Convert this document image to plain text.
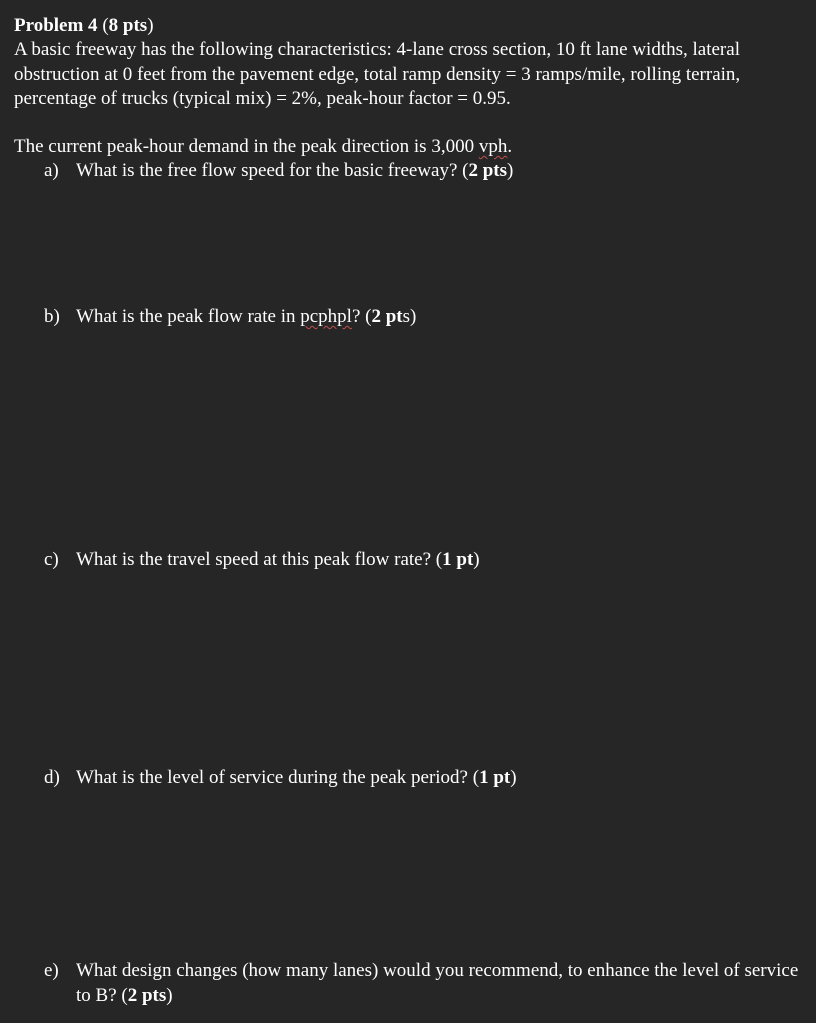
Problem 4 (8 pts)
A basic freeway has the following characteristics: 4-lane cross section, 10 ft lane widths, lateral obstruction at 0 feet from the pavement edge, total ramp density = 3 ramps/mile, rolling terrain, percentage of trucks (typical mix) = 2%, peak-hour factor = 0.95.
The current peak-hour demand in the peak direction is 3,000 vph.
a) What is the free flow speed for the basic freeway? (2 pts)
b) What is the peak flow rate in pcphpl? (2 pts)
c) What is the travel speed at this peak flow rate? (1 pt)
d) What is the level of service during the peak period? (1 pt)
e) What design changes (how many lanes) would you recommend, to enhance the level of service to B? (2 pts)
